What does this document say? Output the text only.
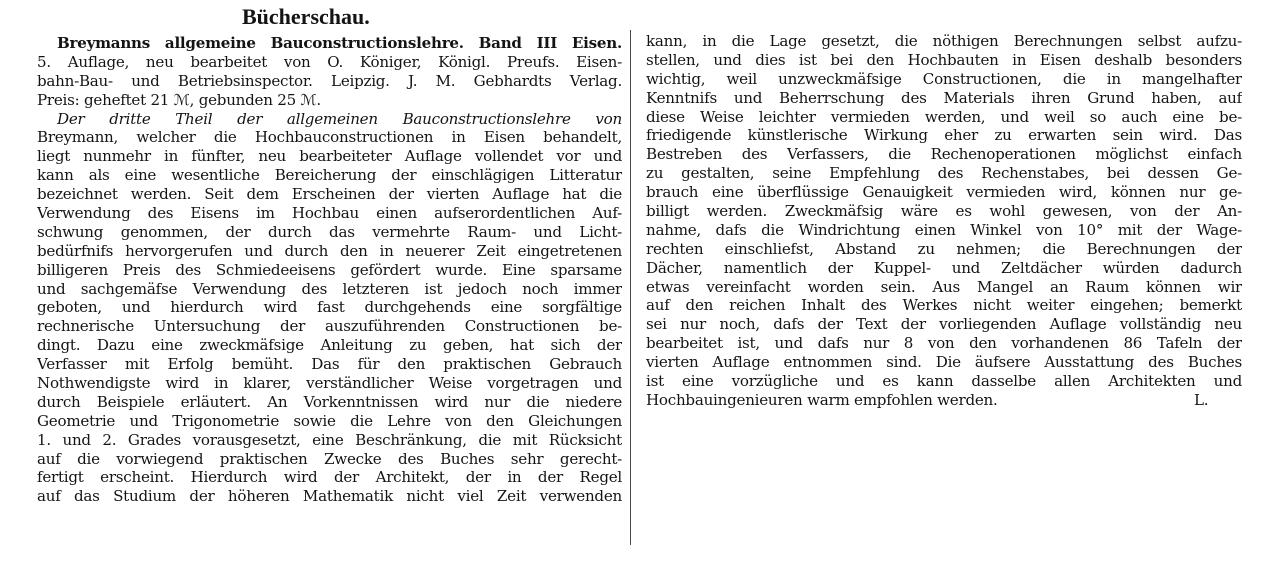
Bücherschau.
Breymanns allgemeine Bauconstructionslehre. Band III Eisen.
5. Auflage, neu bearbeitet von O. Königer, Königl. Preufs. Eisen-
bahn-Bau- und Betriebsinspector. Leipzig. J. M. Gebhardts Verlag.
Preis: geheftet 21 ℳ, gebunden 25 ℳ.
Der dritte Theil der allgemeinen Bauconstructionslehre von
Breymann, welcher die Hochbauconstructionen in Eisen behandelt,
liegt nunmehr in fünfter, neu bearbeiteter Auflage vollendet vor und
kann als eine wesentliche Bereicherung der einschlägigen Litteratur
bezeichnet werden. Seit dem Erscheinen der vierten Auflage hat die
Verwendung des Eisens im Hochbau einen aufserordentlichen Auf-
schwung genommen, der durch das vermehrte Raum- und Licht-
bedürfnifs hervorgerufen und durch den in neuerer Zeit eingetretenen
billigeren Preis des Schmiedeeisens gefördert wurde. Eine sparsame
und sachgemäfse Verwendung des letzteren ist jedoch noch immer
geboten, und hierdurch wird fast durchgehends eine sorgfältige
rechnerische Untersuchung der auszuführenden Constructionen be-
dingt. Dazu eine zweckmäfsige Anleitung zu geben, hat sich der
Verfasser mit Erfolg bemüht. Das für den praktischen Gebrauch
Nothwendigste wird in klarer, verständlicher Weise vorgetragen und
durch Beispiele erläutert. An Vorkenntnissen wird nur die niedere
Geometrie und Trigonometrie sowie die Lehre von den Gleichungen
1. und 2. Grades vorausgesetzt, eine Beschränkung, die mit Rücksicht
auf die vorwiegend praktischen Zwecke des Buches sehr gerecht-
fertigt erscheint. Hierdurch wird der Architekt, der in der Regel
auf das Studium der höheren Mathematik nicht viel Zeit verwenden
kann, in die Lage gesetzt, die nöthigen Berechnungen selbst aufzu-
stellen, und dies ist bei den Hochbauten in Eisen deshalb besonders
wichtig, weil unzweckmäfsige Constructionen, die in mangelhafter
Kenntnifs und Beherrschung des Materials ihren Grund haben, auf
diese Weise leichter vermieden werden, und weil so auch eine be-
friedigende künstlerische Wirkung eher zu erwarten sein wird. Das
Bestreben des Verfassers, die Rechenoperationen möglichst einfach
zu gestalten, seine Empfehlung des Rechenstabes, bei dessen Ge-
brauch eine überflüssige Genauigkeit vermieden wird, können nur ge-
billigt werden. Zweckmäfsig wäre es wohl gewesen, von der An-
nahme, dafs die Windrichtung einen Winkel von 10° mit der Wage-
rechten einschliefst, Abstand zu nehmen; die Berechnungen der
Dächer, namentlich der Kuppel- und Zeltdächer würden dadurch
etwas vereinfacht worden sein. Aus Mangel an Raum können wir
auf den reichen Inhalt des Werkes nicht weiter eingehen; bemerkt
sei nur noch, dafs der Text der vorliegenden Auflage vollständig neu
bearbeitet ist, und dafs nur 8 von den vorhandenen 86 Tafeln der
vierten Auflage entnommen sind. Die äufsere Ausstattung des Buches
ist eine vorzügliche und es kann dasselbe allen Architekten und
Hochbauingenieuren warm empfohlen werden.	L.
